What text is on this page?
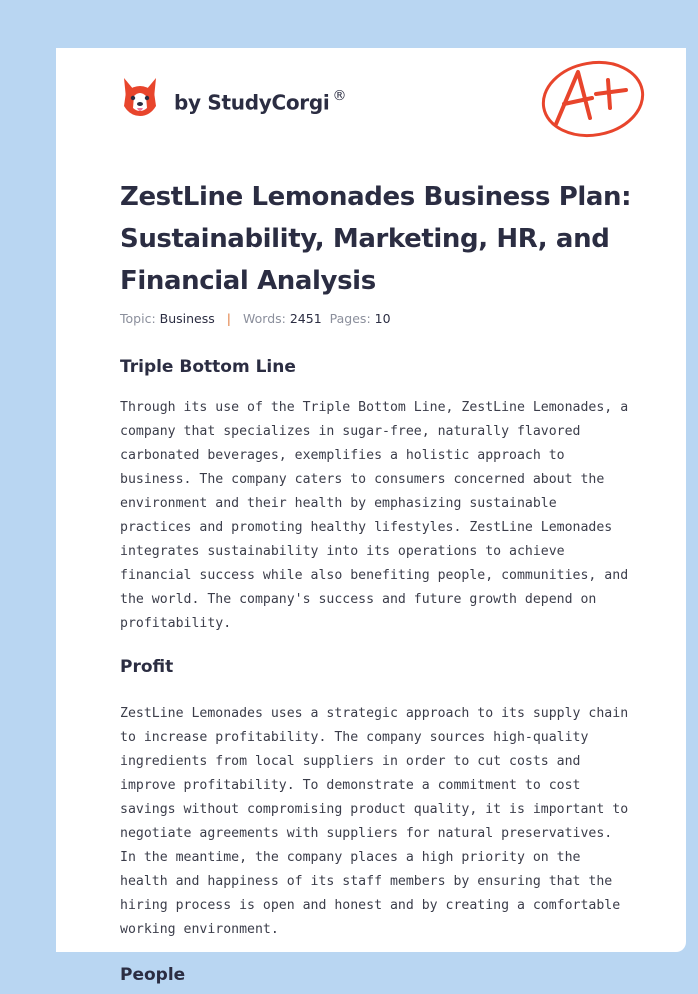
by StudyCorgi ®
ZestLine Lemonades Business Plan: Sustainability, Marketing, HR, and Financial Analysis
Topic: Business | Words: 2451 Pages: 10
Triple Bottom Line

Through its use of the Triple Bottom Line, ZestLine Lemonades, a company that specializes in sugar-free, naturally flavored carbonated beverages, exemplifies a holistic approach to business. The company caters to consumers concerned about the environment and their health by emphasizing sustainable practices and promoting healthy lifestyles. ZestLine Lemonades integrates sustainability into its operations to achieve financial success while also benefiting people, communities, and the world. The company's success and future growth depend on profitability.

Profit

ZestLine Lemonades uses a strategic approach to its supply chain to increase profitability. The company sources high-quality ingredients from local suppliers in order to cut costs and improve profitability. To demonstrate a commitment to cost savings without compromising product quality, it is important to negotiate agreements with suppliers for natural preservatives. In the meantime, the company places a high priority on the health and happiness of its staff members by ensuring that the hiring process is open and honest and by creating a comfortable working environment.

People
